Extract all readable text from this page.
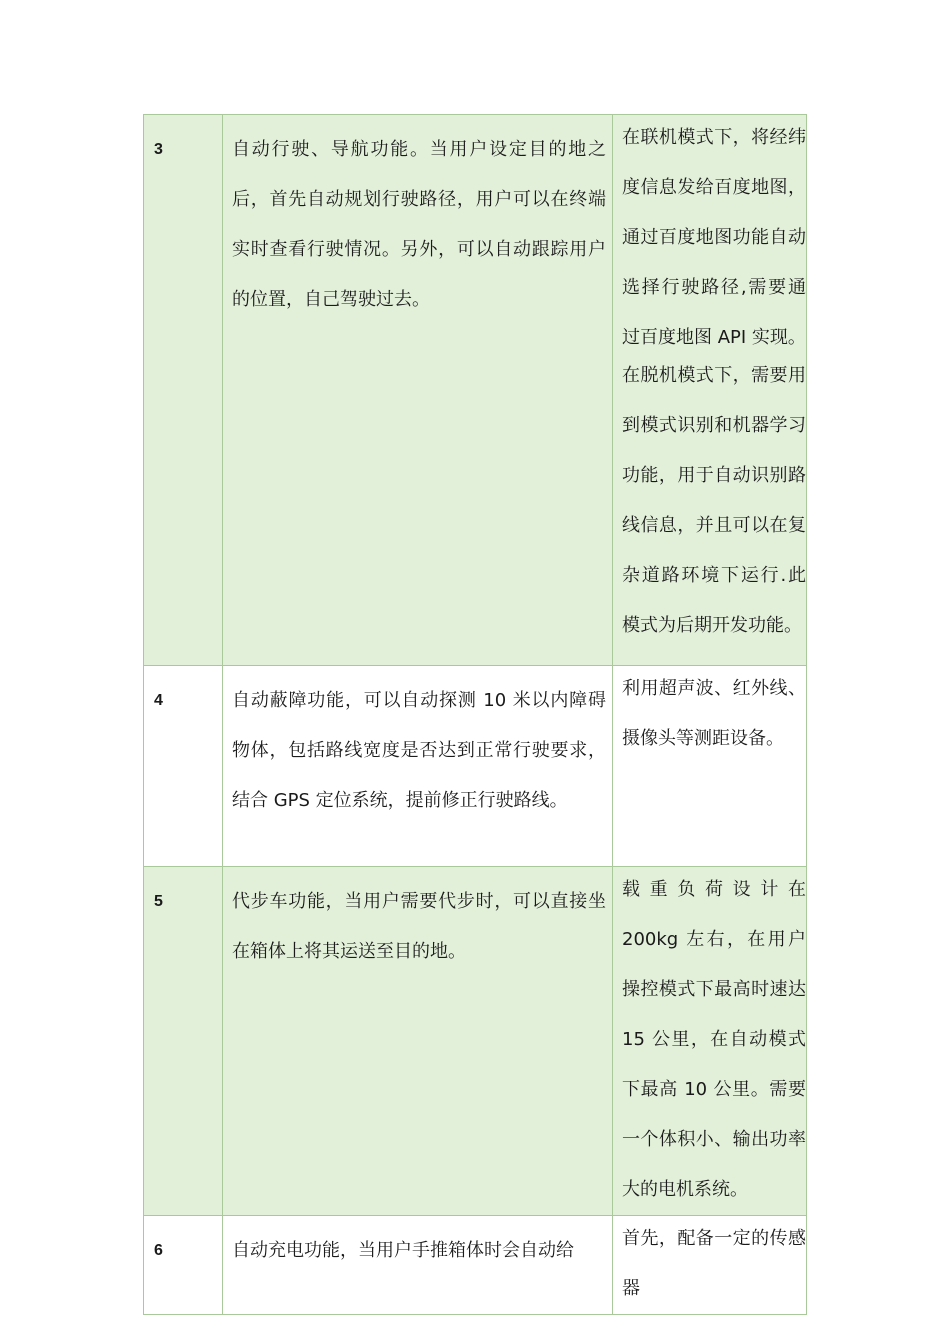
3	自动行驶、导航功能。当用户设定目的地之后，首先自动规划行驶路径，用户可以在终端实时查看行驶情况。另外，可以自动跟踪用户的位置，自己驾驶过去。	在联机模式下，将经纬度信息发给百度地图，通过百度地图功能自动选择行驶路径,需要通过百度地图 API 实现。
在脱机模式下，需要用到模式识别和机器学习功能，用于自动识别路线信息，并且可以在复杂道路环境下运行.此模式为后期开发功能。

4	自动蔽障功能，可以自动探测 10 米以内障碍物体，包括路线宽度是否达到正常行驶要求，结合 GPS 定位系统，提前修正行驶路线。	利用超声波、红外线、摄像头等测距设备。

5	代步车功能，当用户需要代步时，可以直接坐在箱体上将其运送至目的地。	载重负荷设计在 200kg 左右，在用户操控模式下最高时速达 15 公里，在自动模式下最高 10 公里。需要一个体积小、输出功率大的电机系统。

6	自动充电功能，当用户手推箱体时会自动给	首先，配备一定的传感器
